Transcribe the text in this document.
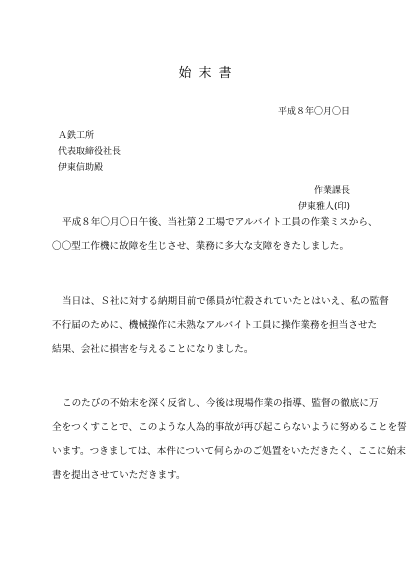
始末書
平成８年〇月〇日
Ａ鉄工所
代表取締役社長
伊東信助殿
作業課長
伊東雅人(印)
平成８年〇月〇日午後、当社第２工場でアルバイト工員の作業ミスから、
〇〇型工作機に故障を生じさせ、業務に多大な支障をきたしました。
当日は、Ｓ社に対する納期目前で係員が忙殺されていたとはいえ、私の監督
不行届のために、機械操作に未熟なアルバイト工員に操作業務を担当させた
結果、会社に損害を与えることになりました。
このたびの不始末を深く反省し、今後は現場作業の指導、監督の徹底に万
全をつくすことで、このような人為的事故が再び起こらないように努めることを誓
います。つきましては、本件について何らかのご処置をいただきたく、ここに始末
書を提出させていただきます。
